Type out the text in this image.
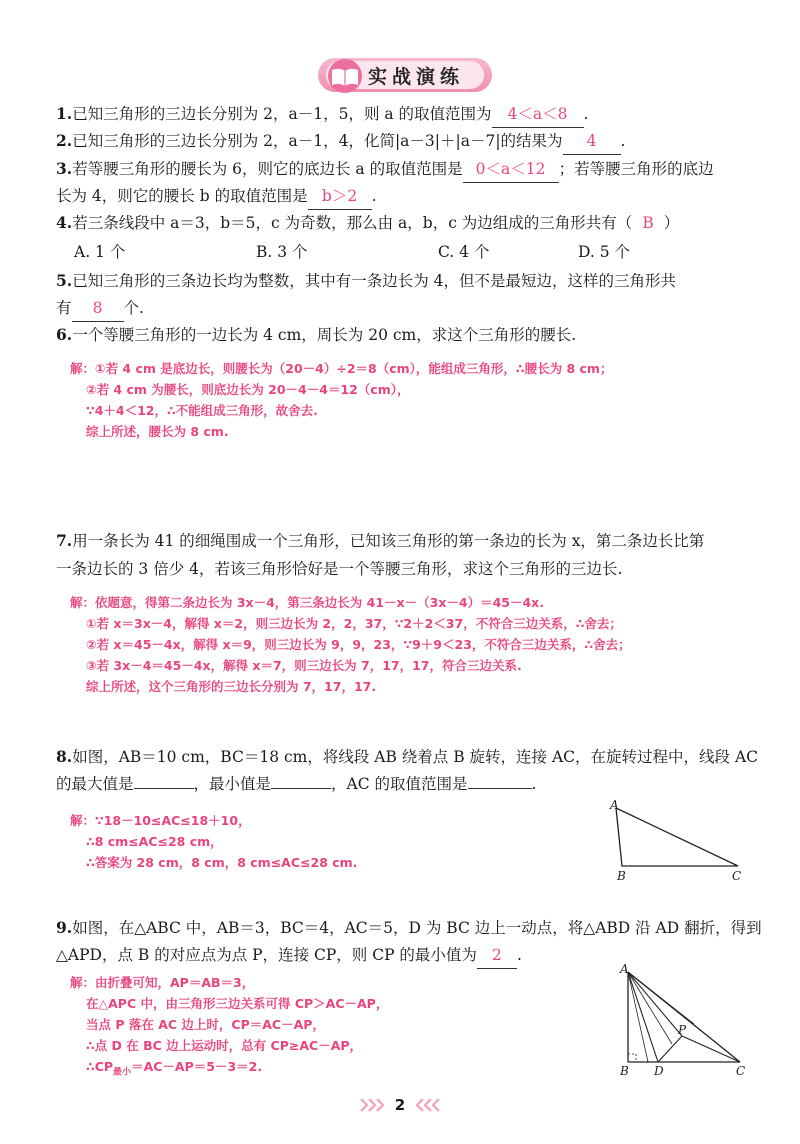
实战演练
1.已知三角形的三边长分别为 2，a－1，5，则 a 的取值范围为 4＜a＜8 .
2.已知三角形的三边长分别为 2，a－1，4，化简|a－3|＋|a－7|的结果为 4 .
3.若等腰三角形的腰长为 6，则它的底边长 a 的取值范围是 0＜a＜12 ；若等腰三角形的底边
长为 4，则它的腰长 b 的取值范围是 b＞2 .
4.若三条线段中 a＝3，b＝5，c 为奇数，那么由 a，b，c 为边组成的三角形共有（ B ）
A. 1 个	B. 3 个	C. 4 个	D. 5 个
5.已知三角形的三条边长均为整数，其中有一条边长为 4，但不是最短边，这样的三角形共
有 8 个.
6.一个等腰三角形的一边长为 4 cm，周长为 20 cm，求这个三角形的腰长.
解：①若 4 cm 是底边长，则腰长为（20－4）÷2＝8（cm），能组成三角形，∴腰长为 8 cm；
②若 4 cm 为腰长，则底边长为 20－4－4＝12（cm），
∵4＋4＜12，∴不能组成三角形，故舍去.
综上所述，腰长为 8 cm.
7.用一条长为 41 的细绳围成一个三角形，已知该三角形的第一条边的长为 x，第二条边长比第
一条边长的 3 倍少 4，若该三角形恰好是一个等腰三角形，求这个三角形的三边长.
解：依题意，得第二条边长为 3x－4，第三条边长为 41－x－（3x－4）＝45－4x.
①若 x＝3x－4，解得 x＝2，则三边长为 2，2，37，∵2＋2＜37，不符合三边关系，∴舍去；
②若 x＝45－4x，解得 x＝9，则三边长为 9，9，23，∵9＋9＜23，不符合三边关系，∴舍去；
③若 3x－4＝45－4x，解得 x＝7，则三边长为 7，17，17，符合三边关系.
综上所述，这个三角形的三边长分别为 7，17，17.
8.如图，AB＝10 cm，BC＝18 cm，将线段 AB 绕着点 B 旋转，连接 AC，在旋转过程中，线段 AC
的最大值是	，最小值是	，AC 的取值范围是	.
解：∵18－10≤AC≤18＋10，
∴8 cm≤AC≤28 cm，
∴答案为 28 cm，8 cm，8 cm≤AC≤28 cm.
A
B	C
9.如图，在△ABC 中，AB＝3，BC＝4，AC＝5，D 为 BC 边上一动点，将△ABD 沿 AD 翻折，得到
△APD，点 B 的对应点为点 P，连接 CP，则 CP 的最小值为 2 .
解：由折叠可知，AP＝AB＝3，
在△APC 中，由三角形三边关系可得 CP＞AC－AP，
当点 P 落在 AC 边上时，CP＝AC－AP，
∴点 D 在 BC 边上运动时，总有 CP≥AC－AP，
$\therefore CP_{最小}=AC-AP=5-3=2$.
A
B D
P
C
2
